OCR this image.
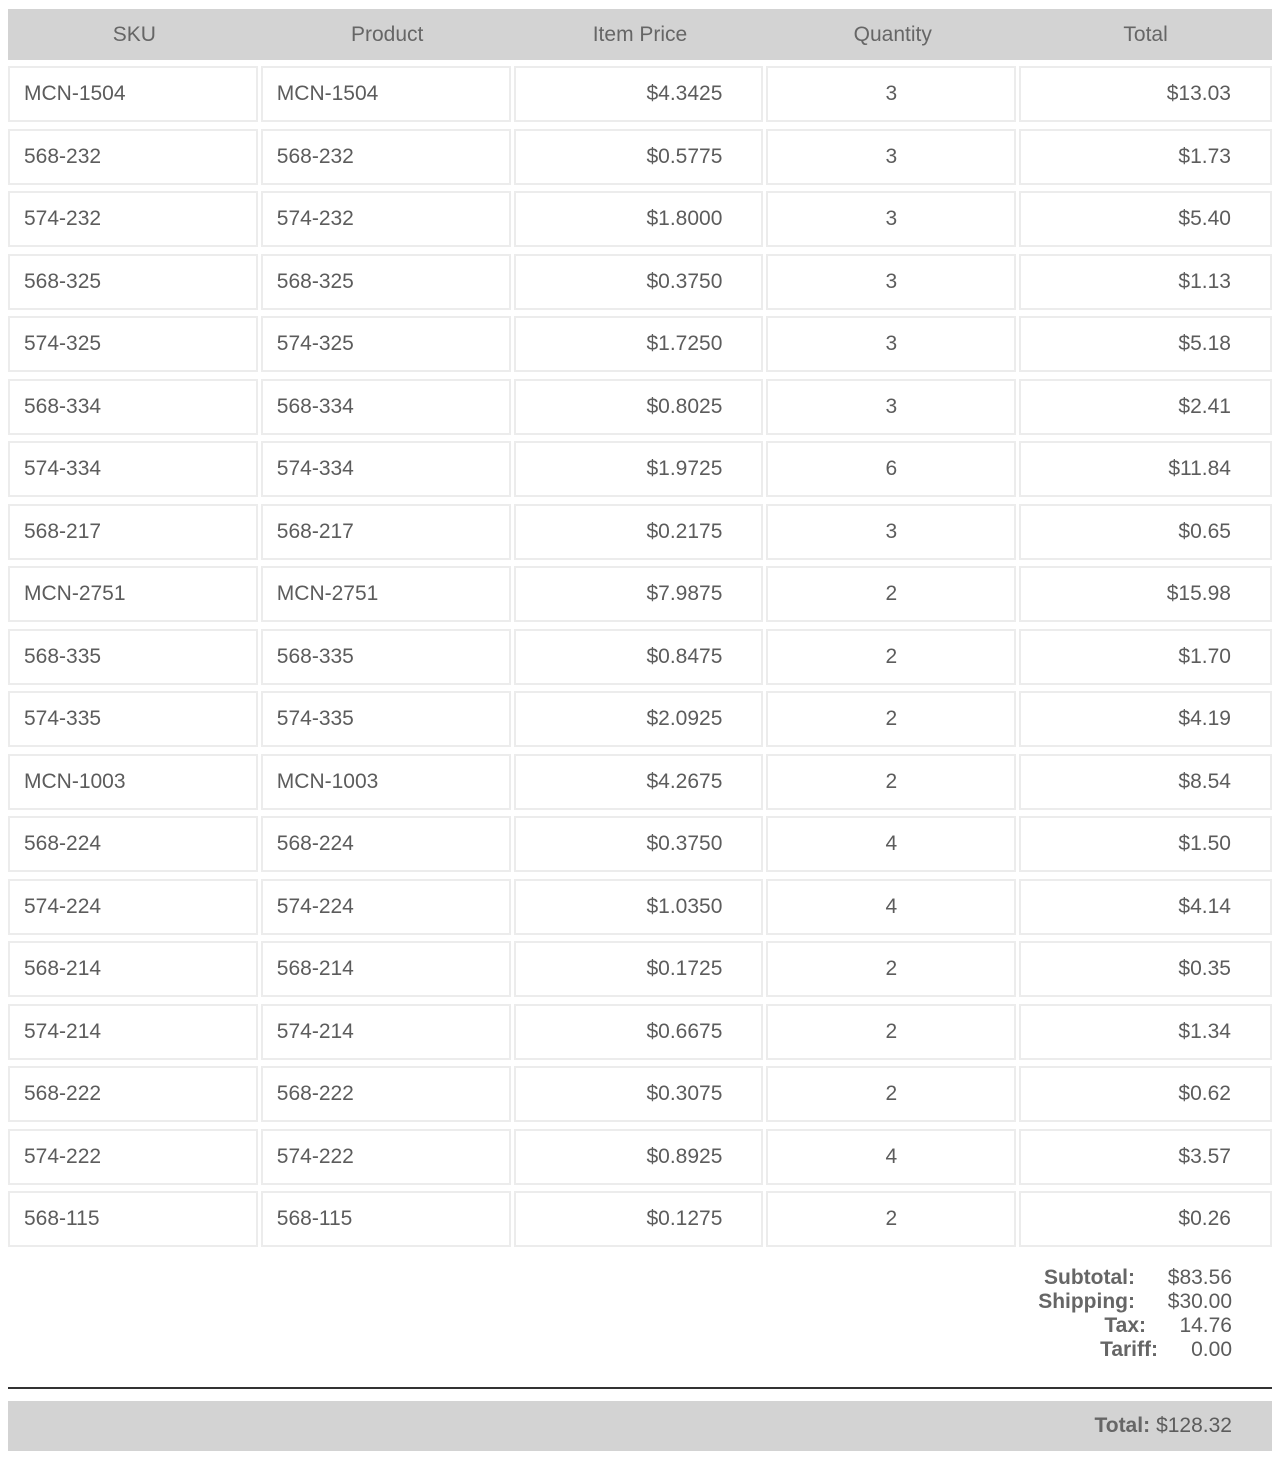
SKU	Product	Item Price	Quantity	Total
MCN-1504	MCN-1504	$4.3425	3	$13.03
568-232	568-232	$0.5775	3	$1.73
574-232	574-232	$1.8000	3	$5.40
568-325	568-325	$0.3750	3	$1.13
574-325	574-325	$1.7250	3	$5.18
568-334	568-334	$0.8025	3	$2.41
574-334	574-334	$1.9725	6	$11.84
568-217	568-217	$0.2175	3	$0.65
MCN-2751	MCN-2751	$7.9875	2	$15.98
568-335	568-335	$0.8475	2	$1.70
574-335	574-335	$2.0925	2	$4.19
MCN-1003	MCN-1003	$4.2675	2	$8.54
568-224	568-224	$0.3750	4	$1.50
574-224	574-224	$1.0350	4	$4.14
568-214	568-214	$0.1725	2	$0.35
574-214	574-214	$0.6675	2	$1.34
568-222	568-222	$0.3075	2	$0.62
574-222	574-222	$0.8925	4	$3.57
568-115	568-115	$0.1275	2	$0.26
Subtotal:	$83.56
Shipping:	$30.00
Tax:	14.76
Tariff:	0.00
Total: $128.32
